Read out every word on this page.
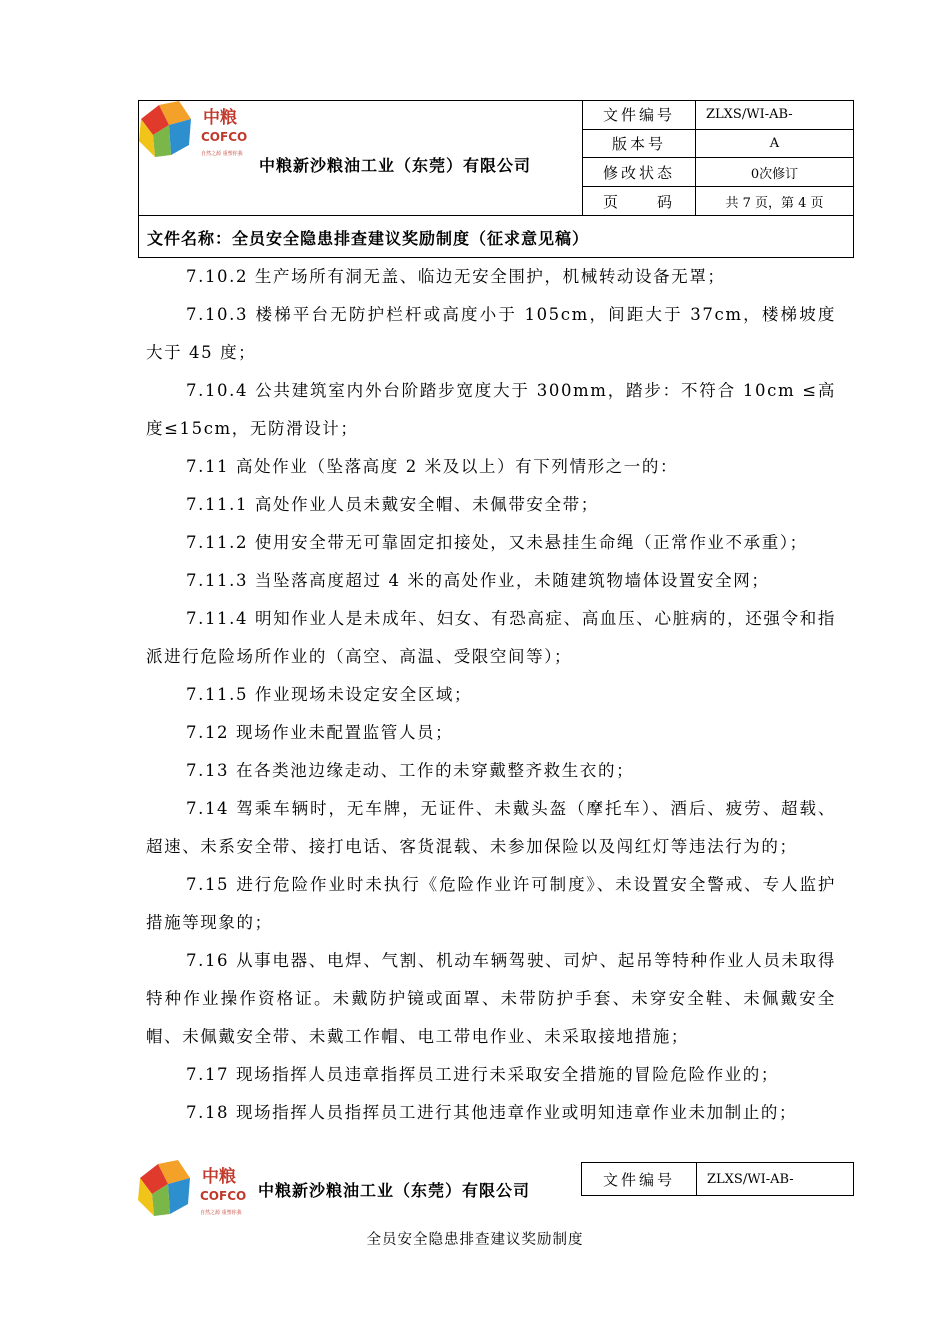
中粮
COFCO
自然之源 重塑你我
中粮新沙粮油工业（东莞）有限公司
文件编号	ZLXS/WI-AB-
版本号	A
修改状态	0次修订
页　　码	共 7 页，第 4 页
文件名称：全员安全隐患排查建议奖励制度（征求意见稿）

7.10.2 生产场所有洞无盖、临边无安全围护，机械转动设备无罩；

7.10.3 楼梯平台无防护栏杆或高度小于 105cm，间距大于 37cm，楼梯坡度大于 45 度；

7.10.4 公共建筑室内外台阶踏步宽度大于 300mm，踏步：不符合 10cm ≤高度≤15cm，无防滑设计；

7.11 高处作业（坠落高度 2 米及以上）有下列情形之一的：

7.11.1 高处作业人员未戴安全帽、未佩带安全带；

7.11.2 使用安全带无可靠固定扣接处，又未悬挂生命绳（正常作业不承重）；

7.11.3 当坠落高度超过 4 米的高处作业，未随建筑物墙体设置安全网；

7.11.4 明知作业人是未成年、妇女、有恐高症、高血压、心脏病的，还强令和指派进行危险场所作业的（高空、高温、受限空间等）；

7.11.5 作业现场未设定安全区域；

7.12 现场作业未配置监管人员；

7.13 在各类池边缘走动、工作的未穿戴整齐救生衣的；

7.14 驾乘车辆时，无车牌，无证件、未戴头盔（摩托车）、酒后、疲劳、超载、超速、未系安全带、接打电话、客货混载、未参加保险以及闯红灯等违法行为的；

7.15 进行危险作业时未执行《危险作业许可制度》、未设置安全警戒、专人监护措施等现象的；

7.16 从事电器、电焊、气割、机动车辆驾驶、司炉、起吊等特种作业人员未取得特种作业操作资格证。未戴防护镜或面罩、未带防护手套、未穿安全鞋、未佩戴安全帽、未佩戴安全带、未戴工作帽、电工带电作业、未采取接地措施；

7.17 现场指挥人员违章指挥员工进行未采取安全措施的冒险危险作业的；

7.18 现场指挥人员指挥员工进行其他违章作业或明知违章作业未加制止的；

中粮
COFCO
自然之源 重塑你我
中粮新沙粮油工业（东莞）有限公司
文件编号	ZLXS/WI-AB-
全员安全隐患排查建议奖励制度
